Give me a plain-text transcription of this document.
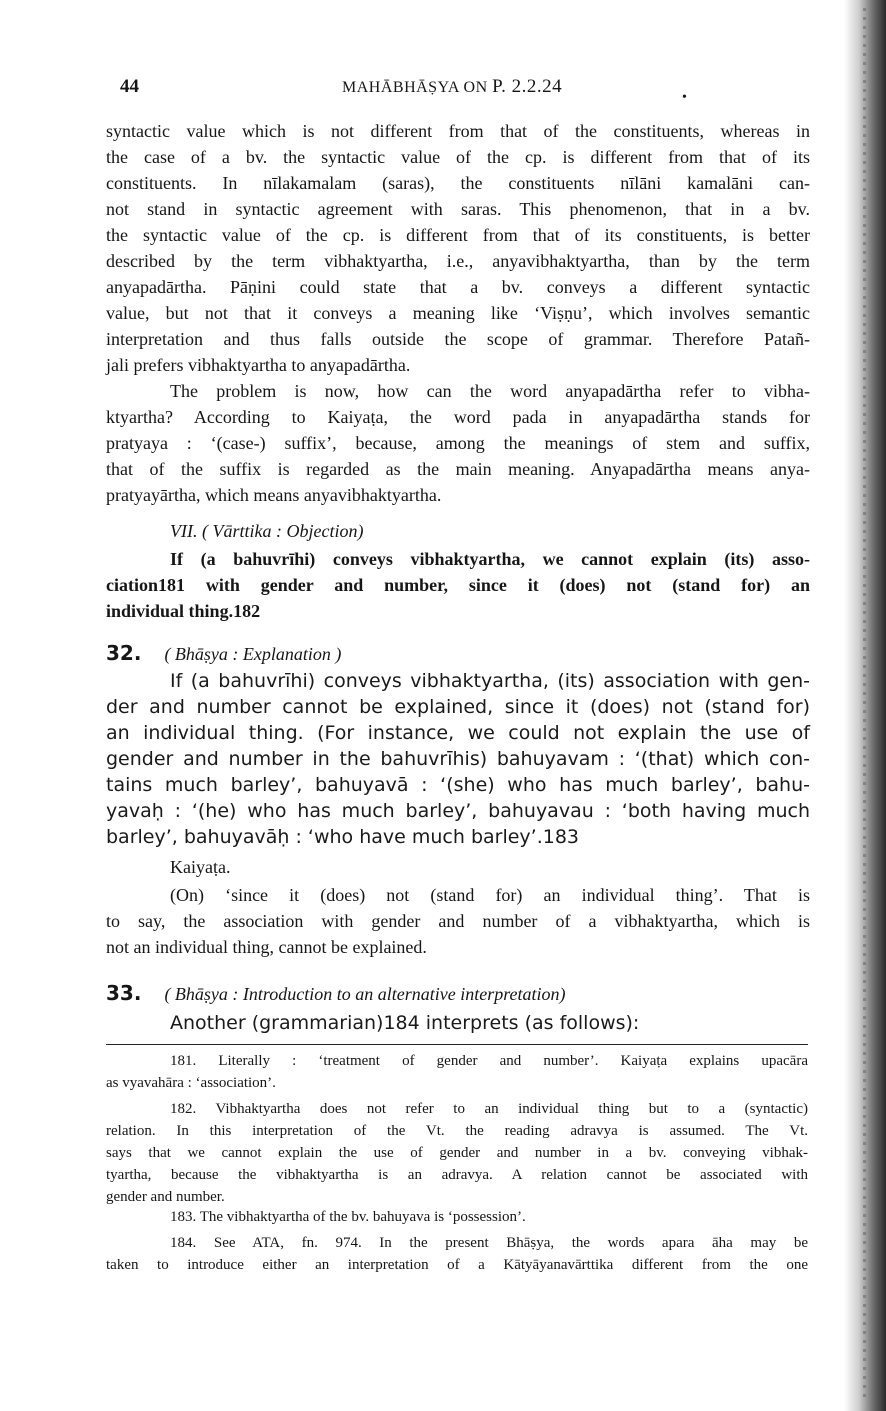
44	MAHĀBHĀṢYA ON P. 2.2.24
•
syntactic value which is not different from that of the constituents, whereas in
the case of a bv. the syntactic value of the cp. is different from that of its
constituents. In nīlakamalam (saras), the constituents nīlāni kamalāni can-
not stand in syntactic agreement with saras. This phenomenon, that in a bv.
the syntactic value of the cp. is different from that of its constituents, is better
described by the term vibhaktyartha, i.e., anyavibhaktyartha, than by the term
anyapadārtha. Pāṇini could state that a bv. conveys a different syntactic
value, but not that it conveys a meaning like ‘Viṣṇu’, which involves semantic
interpretation and thus falls outside the scope of grammar. Therefore Patañ-
jali prefers vibhaktyartha to anyapadārtha.
The problem is now, how can the word anyapadārtha refer to vibha-
ktyartha? According to Kaiyaṭa, the word pada in anyapadārtha stands for
pratyaya : ‘(case-) suffix’, because, among the meanings of stem and suffix,
that of the suffix is regarded as the main meaning. Anyapadārtha means anya-
pratyayārtha, which means anyavibhaktyartha.
VII. ( Vārttika : Objection)
If (a bahuvrīhi) conveys vibhaktyartha, we cannot explain (its) asso-
ciation181 with gender and number, since it (does) not (stand for) an
individual thing.182
32. ( Bhāṣya : Explanation )
If (a bahuvrīhi) conveys vibhaktyartha, (its) association with gen-
der and number cannot be explained, since it (does) not (stand for)
an individual thing. (For instance, we could not explain the use of
gender and number in the bahuvrīhis) bahuyavam : ‘(that) which con-
tains much barley’, bahuyavā : ‘(she) who has much barley’, bahu-
yavaḥ : ‘(he) who has much barley’, bahuyavau : ‘both having much
barley’, bahuyavāḥ : ‘who have much barley’.183
Kaiyaṭa.
(On) ‘since it (does) not (stand for) an individual thing’. That is
to say, the association with gender and number of a vibhaktyartha, which is
not an individual thing, cannot be explained.
33. ( Bhāṣya : Introduction to an alternative interpretation)
Another (grammarian)184 interprets (as follows):
181. Literally : ‘treatment of gender and number’. Kaiyaṭa explains upacāra
as vyavahāra : ‘association’.
182. Vibhaktyartha does not refer to an individual thing but to a (syntactic)
relation. In this interpretation of the Vt. the reading adravya is assumed. The Vt.
says that we cannot explain the use of gender and number in a bv. conveying vibhak-
tyartha, because the vibhaktyartha is an adravya. A relation cannot be associated with
gender and number.
183. The vibhaktyartha of the bv. bahuyava is ‘possession’.
184. See ATA, fn. 974. In the present Bhāṣya, the words apara āha may be
taken to introduce either an interpretation of a Kātyāyanavārttika different from the one
